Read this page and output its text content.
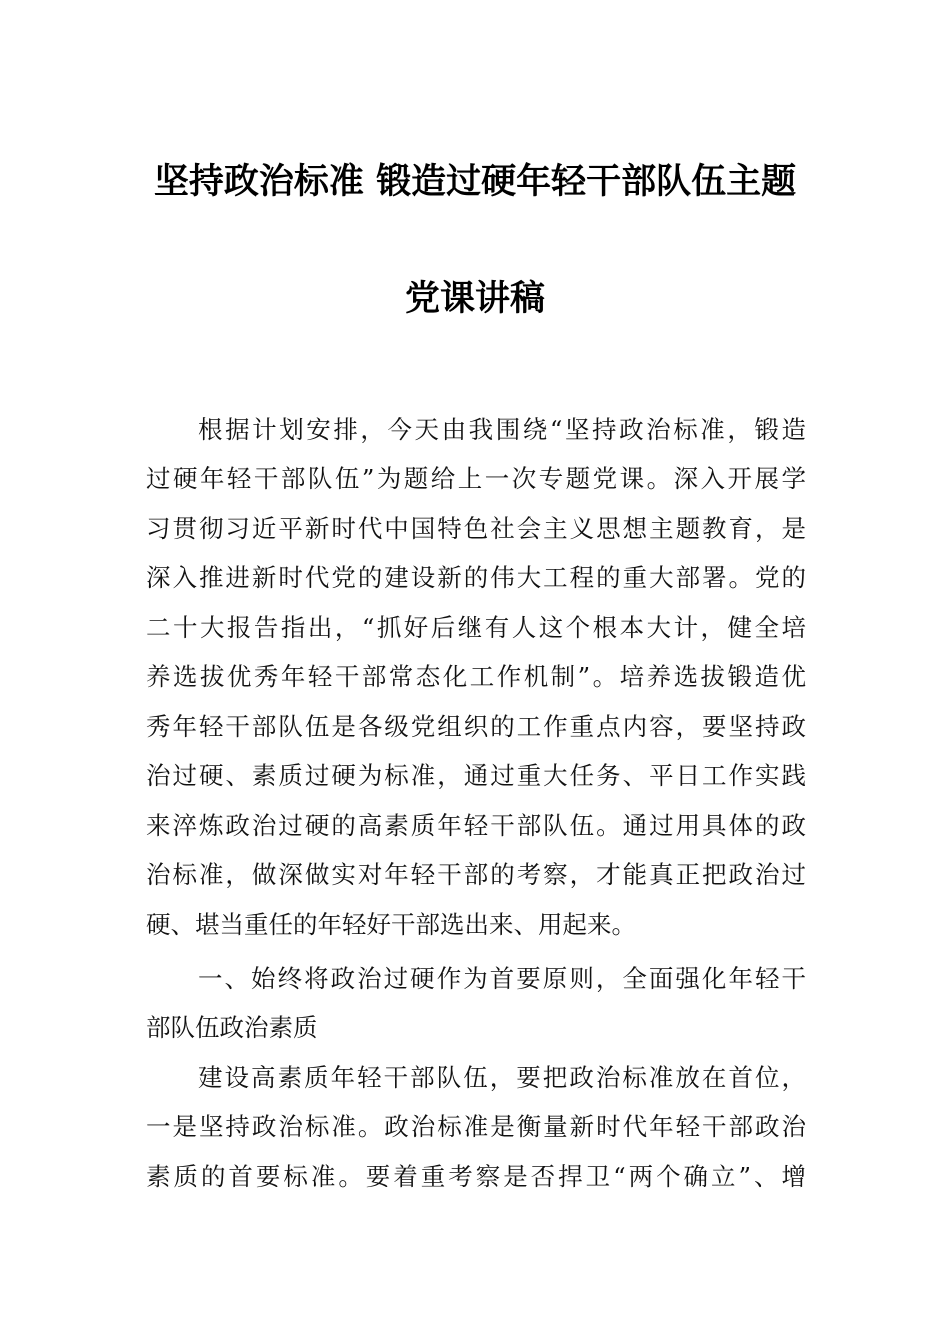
坚持政治标准 锻造过硬年轻干部队伍主题
党课讲稿
根据计划安排，今天由我围绕“坚持政治标准，锻造
过硬年轻干部队伍”为题给上一次专题党课。深入开展学
习贯彻习近平新时代中国特色社会主义思想主题教育，是
深入推进新时代党的建设新的伟大工程的重大部署。党的
二十大报告指出，“抓好后继有人这个根本大计，健全培
养选拔优秀年轻干部常态化工作机制”。培养选拔锻造优
秀年轻干部队伍是各级党组织的工作重点内容，要坚持政
治过硬、素质过硬为标准，通过重大任务、平日工作实践
来淬炼政治过硬的高素质年轻干部队伍。通过用具体的政
治标准，做深做实对年轻干部的考察，才能真正把政治过
硬、堪当重任的年轻好干部选出来、用起来。
一、始终将政治过硬作为首要原则，全面强化年轻干
部队伍政治素质
建设高素质年轻干部队伍，要把政治标准放在首位，
一是坚持政治标准。政治标准是衡量新时代年轻干部政治
素质的首要标准。要着重考察是否捍卫“两个确立”、增
